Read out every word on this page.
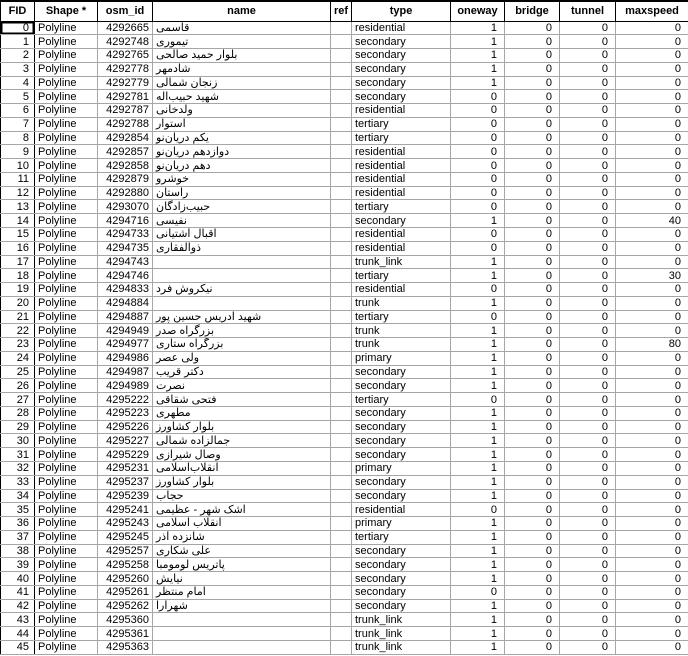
FID	Shape *	osm_id	name	ref	type	oneway	bridge	tunnel	maxspeed
0	Polyline	4292665	قاسمی		residential	1	0	0	0
1	Polyline	4292748	تیموری		secondary	1	0	0	0
2	Polyline	4292765	بلوار حمید صالحی		secondary	1	0	0	0
3	Polyline	4292778	شادمهر		secondary	1	0	0	0
4	Polyline	4292779	زنجان شمالی		secondary	1	0	0	0
5	Polyline	4292781	شهید حبیب‌اله		secondary	0	0	0	0
6	Polyline	4292787	ولدخانی		residential	0	0	0	0
7	Polyline	4292788	استوار		tertiary	0	0	0	0
8	Polyline	4292854	یکم دریان‌نو		tertiary	0	0	0	0
9	Polyline	4292857	دوازدهم دریان‌نو		residential	0	0	0	0
10	Polyline	4292858	دهم دریان‌نو		residential	0	0	0	0
11	Polyline	4292879	خوشرو		residential	0	0	0	0
12	Polyline	4292880	راستان		residential	0	0	0	0
13	Polyline	4293070	حبیب‌زادگان		tertiary	0	0	0	0
14	Polyline	4294716	نفیسی		secondary	1	0	0	40
15	Polyline	4294733	اقبال آشتیانی		residential	0	0	0	0
16	Polyline	4294735	ذوالفقاری		residential	0	0	0	0
17	Polyline	4294743			trunk_link	1	0	0	0
18	Polyline	4294746			tertiary	1	0	0	30
19	Polyline	4294833	نیکروش فرد		residential	0	0	0	0
20	Polyline	4294884			trunk	1	0	0	0
21	Polyline	4294887	شهید ادریس حسین پور		tertiary	0	0	0	0
22	Polyline	4294949	بزرگراه صدر		trunk	1	0	0	0
23	Polyline	4294977	بزرگراه ستاری		trunk	1	0	0	80
24	Polyline	4294986	ولی عصر		primary	1	0	0	0
25	Polyline	4294987	دکتر قریب		secondary	1	0	0	0
26	Polyline	4294989	نصرت		secondary	1	0	0	0
27	Polyline	4295222	فتحی شقاقی		tertiary	0	0	0	0
28	Polyline	4295223	مطهری		secondary	1	0	0	0
29	Polyline	4295226	بلوار کشاورز		secondary	1	0	0	0
30	Polyline	4295227	جمالزاده شمالی		secondary	1	0	0	0
31	Polyline	4295229	وصال شیرازی		secondary	1	0	0	0
32	Polyline	4295231	انقلاب‌اسلامی		primary	1	0	0	0
33	Polyline	4295237	بلوار کشاورز		secondary	1	0	0	0
34	Polyline	4295239	حجاب		secondary	1	0	0	0
35	Polyline	4295241	اشک شهر - عظیمی		residential	0	0	0	0
36	Polyline	4295243	انقلاب اسلامی		primary	1	0	0	0
37	Polyline	4295245	شانزده آذر		tertiary	1	0	0	0
38	Polyline	4295257	علی شکاری		secondary	1	0	0	0
39	Polyline	4295258	پاتریس لومومبا		secondary	1	0	0	0
40	Polyline	4295260	نیایش		secondary	1	0	0	0
41	Polyline	4295261	امام منتظر		secondary	0	0	0	0
42	Polyline	4295262	شهرآرا		secondary	1	0	0	0
43	Polyline	4295360			trunk_link	1	0	0	0
44	Polyline	4295361			trunk_link	1	0	0	0
45	Polyline	4295363			trunk_link	1	0	0	0
